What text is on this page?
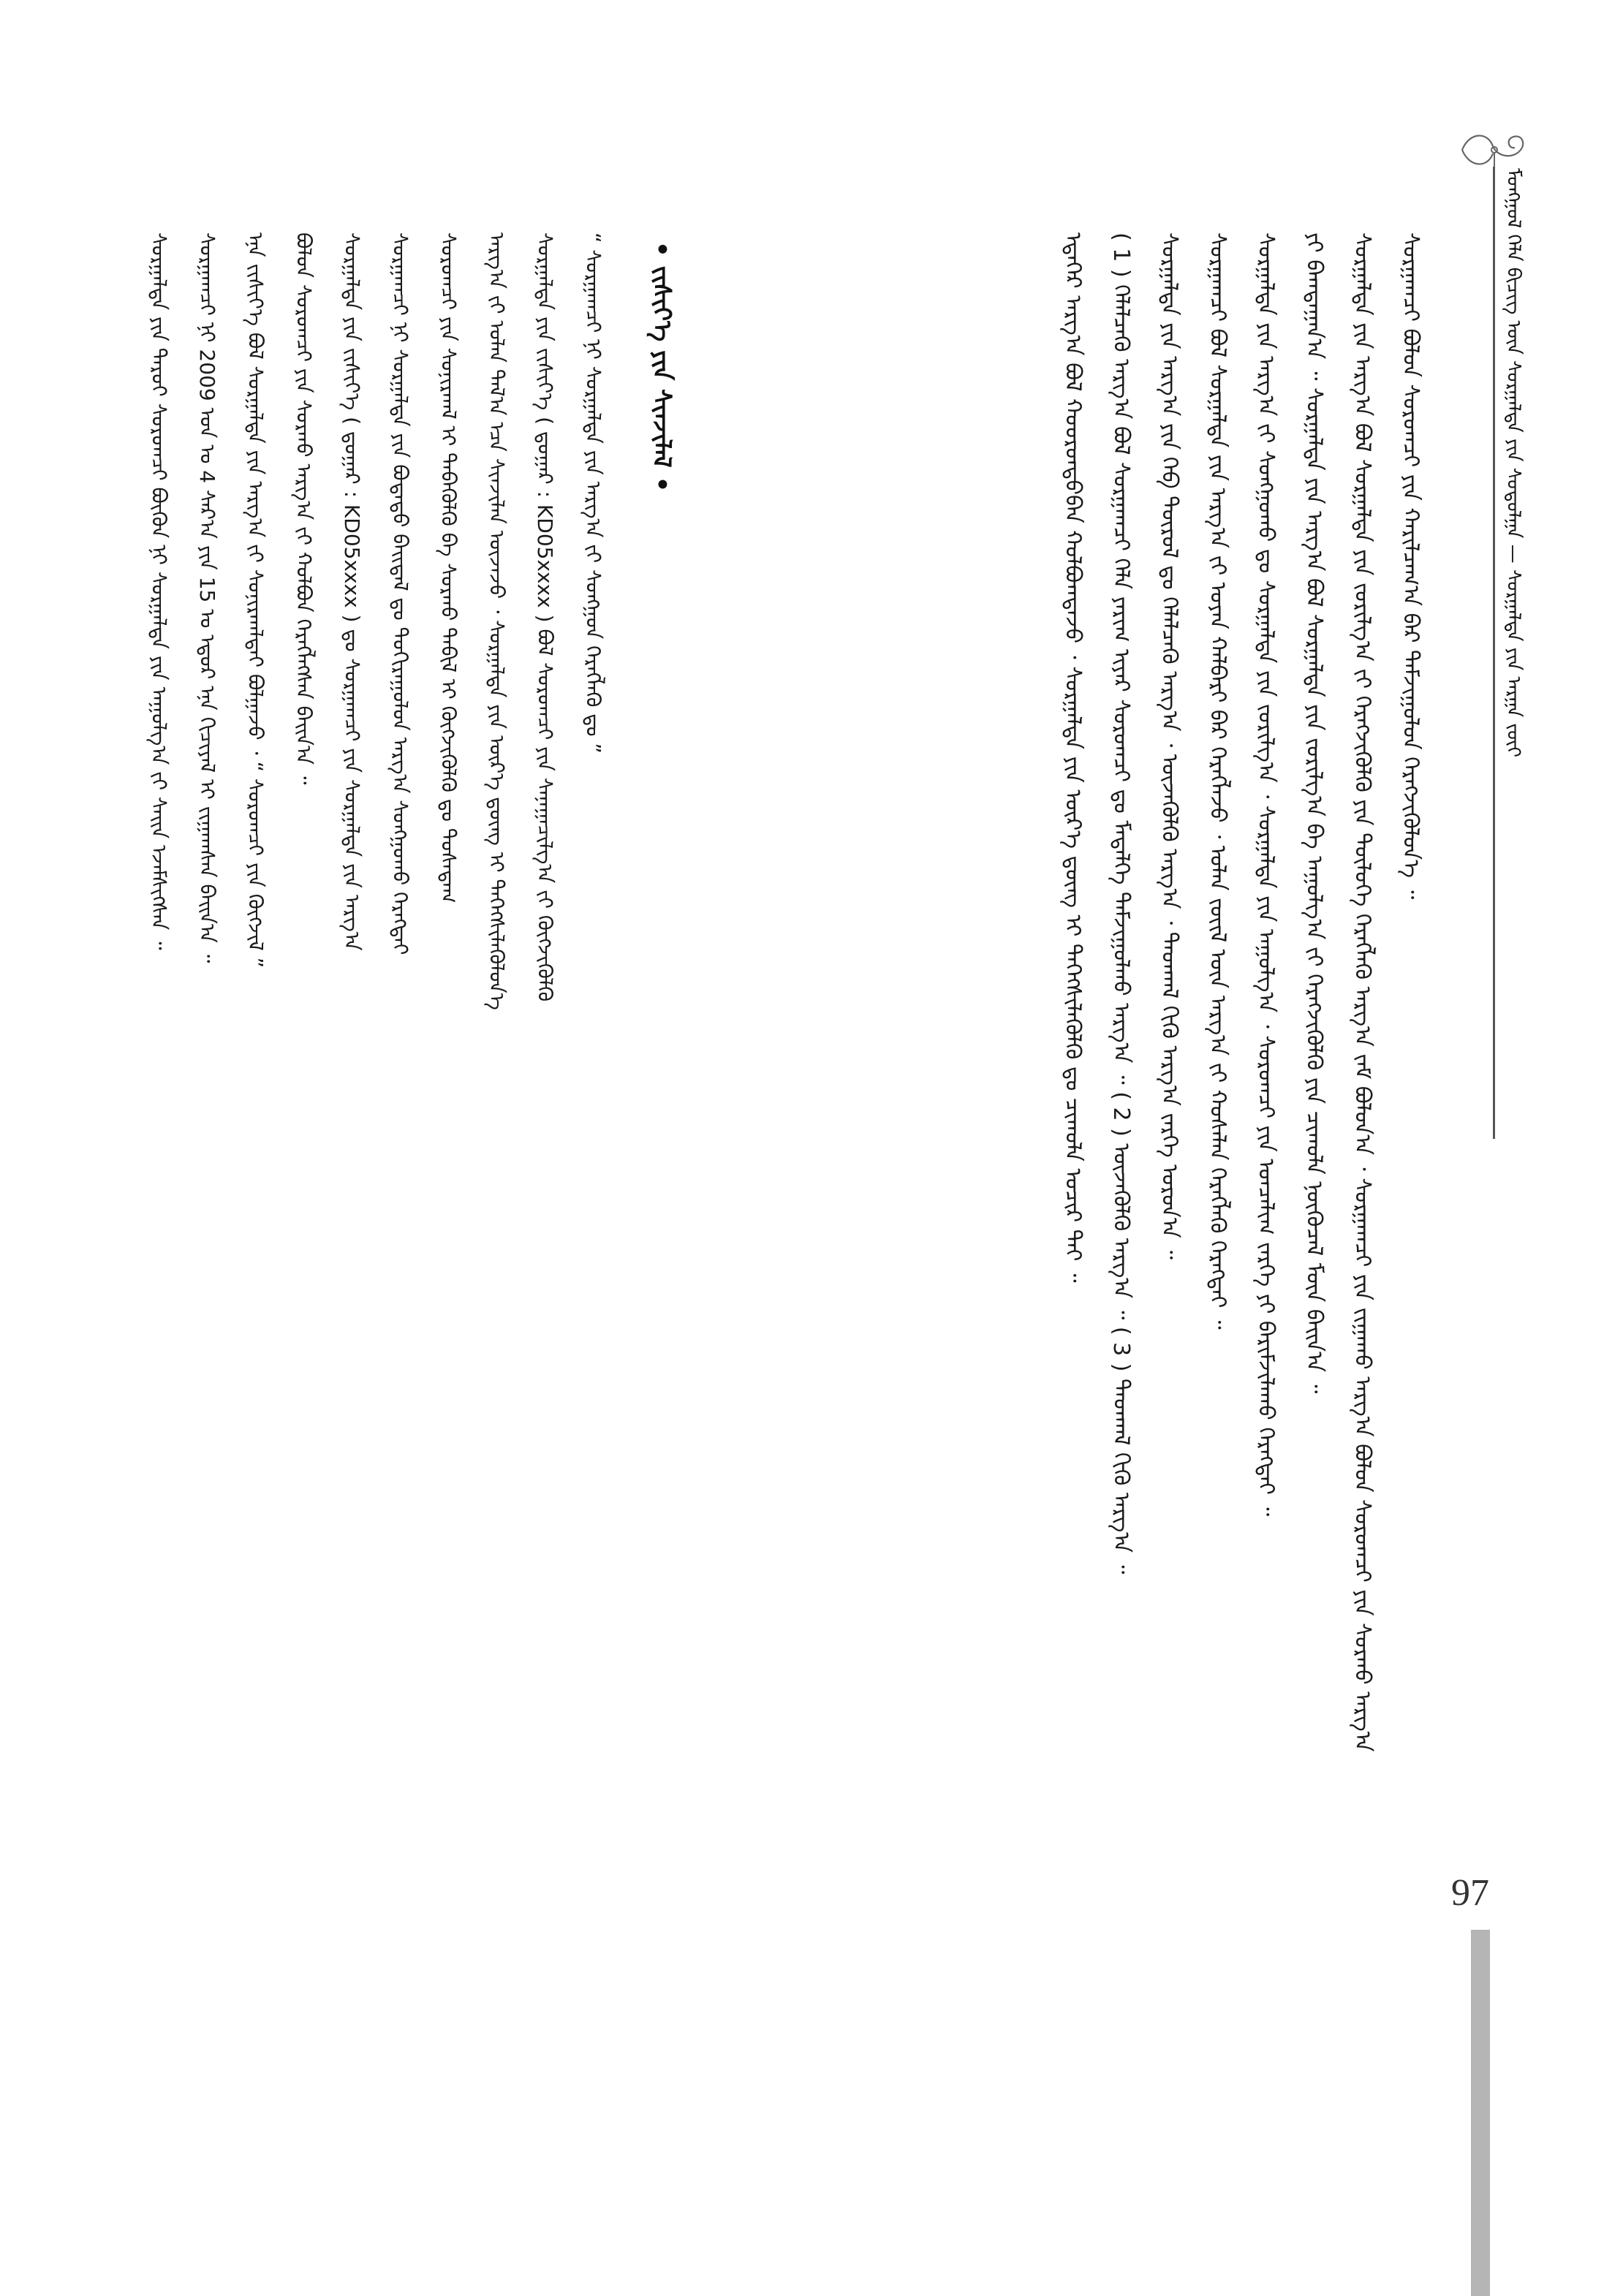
ᠮᠣᠩᠭᠣᠯ ᠬᠡᠯᠡ ᠪᠢᠴᠢᠭ᠌ ᠦᠨ ᠰᠤᠷᠭᠠᠯᠲᠠ ᠶᠢᠨ ᠰᠣᠳᠤᠯᠭᠠ — ᠰᠤᠷᠭᠠᠯᠲᠠ ᠶᠢᠨ ᠠᠷᠭᠠ ᠵᠦᠢ
ᠰᠤᠷᠭᠠᠭᠴᠢ ᠪᠣᠯᠤᠨ ᠰᠤᠷᠤᠭᠴᠢ ᠶᠢᠨ ᠬᠠᠷᠢᠯᠴᠠᠭ᠎ᠠ ᠪᠠᠷ ᠳᠠᠮᠵᠢᠭᠤᠯᠤᠨ ᠬᠡᠷᠡᠭᠵᠢᠬᠦᠯᠦᠨ᠎ᠡ ᠃
ᠰᠤᠷᠭᠠᠯᠲᠠ ᠶᠢᠨ ᠠᠷᠭ᠎ᠠ ᠪᠣᠯ ᠰᠤᠷᠭᠠᠯᠲᠠ ᠶᠢᠨ ᠵᠣᠷᠢᠯᠭ᠎ᠠ ᠵᠢ ᠬᠡᠷᠡᠭᠵᠢᠭᠦᠯᠬᠦ ᠶᠢᠨ ᠲᠥᠯᠥᠭᠡ ᠬᠡᠷᠡᠭᠯᠡᠬᠦ ᠠᠷᠭ᠎ᠠ ᠵᠠᠮ ᠪᠣᠯᠤᠨ᠎ᠠ ᠂ ᠰᠤᠷᠭᠠᠭᠴᠢ ᠶᠢᠨ ᠵᠢᠭᠠᠬᠤ ᠠᠷᠭ᠎ᠠ ᠪᠣᠯᠤᠨ ᠰᠤᠷᠤᠭᠴᠢ ᠶᠢᠨ ᠰᠤᠷᠬᠤ ᠠᠷᠭ᠎ᠠ
ᠶᠢ ᠪᠠᠭᠲᠠᠭᠠᠨ᠎ᠠ ᠃ ᠰᠤᠷᠭᠠᠯᠲᠠ ᠶᠢᠨ ᠠᠷᠭ᠎ᠠ ᠪᠣᠯ ᠰᠤᠷᠭᠠᠯᠲᠠ ᠶᠢᠨ ᠵᠣᠷᠢᠯᠭ᠎ᠠ ᠪᠠ ᠠᠭᠤᠯᠭ᠎ᠠ ᠵᠢ ᠬᠡᠷᠡᠭᠵᠢᠭᠦᠯᠬᠦ ᠶᠢᠨ ᠴᠢᠬᠤᠯᠠ ᠨᠥᠬᠦᠴᠡᠯ ᠮᠥᠨ ᠪᠠᠢᠨ᠎ᠠ ᠃
ᠰᠤᠷᠭᠠᠯᠲᠠ ᠶᠢᠨ ᠠᠷᠭ᠎ᠠ ᠵᠢ ᠰᠣᠩᠭᠣᠬᠤ ᠳᠤ ᠰᠤᠷᠭᠠᠯᠲᠠ ᠶᠢᠨ ᠵᠣᠷᠢᠯᠭ᠎ᠠ ᠂ ᠰᠤᠷᠭᠠᠯᠲᠠ ᠶᠢᠨ ᠠᠭᠤᠯᠭ᠎ᠠ ᠂ ᠰᠤᠷᠤᠭᠴᠢ ᠶᠢᠨ ᠣᠨᠴᠠᠯᠢᠭ ᠵᠡᠷᠭᠡ ᠶᠢ ᠪᠠᠷᠢᠮᠵᠢᠯᠠᠬᠤ ᠬᠡᠷᠡᠭᠲᠡᠢ ᠃
ᠰᠤᠷᠭᠠᠭᠴᠢ ᠪᠣᠯ ᠰᠤᠷᠭᠠᠯᠲᠠ ᠶᠢᠨ ᠠᠷᠭ᠎ᠠ ᠵᠢ ᠤᠶᠠᠨ ᠬᠠᠯᠪᠠᠷᠢ ᠪᠠᠷ ᠬᠡᠷᠡᠭᠯᠡᠵᠦ ᠂ ᠣᠯᠠᠨ ᠵᠦᠢᠯ ᠦᠨ ᠠᠷᠭ᠎ᠠ ᠵᠢ ᠬᠣᠰᠠᠯᠠᠨ ᠬᠡᠷᠡᠭᠯᠡᠬᠦ ᠬᠡᠷᠡᠭᠲᠡᠢ ᠃
ᠰᠤᠷᠭᠠᠯᠲᠠ ᠶᠢᠨ ᠠᠷᠭ᠎ᠠ ᠶᠢᠨ ᠬᠡᠪ ᠲᠥᠷᠥᠯ ᠳᠤ ᠬᠡᠯᠡᠯᠴᠡᠬᠦ ᠠᠷᠭ᠎ᠠ ᠂ ᠦᠵᠡᠭᠦᠯᠬᠦ ᠠᠷᠭ᠎ᠠ ᠂ ᠳᠠᠳᠬᠠᠯ ᠬᠢᠬᠦ ᠠᠷᠭ᠎ᠠ ᠵᠡᠷᠭᠡ ᠣᠷᠣᠨ᠎ᠠ ᠃
( 1 ) ᠬᠡᠯᠡᠯᠴᠡᠬᠦ ᠠᠷᠭ᠎ᠠ ᠪᠣᠯ ᠰᠤᠷᠭᠠᠭᠴᠢ ᠬᠡᠯᠡ ᠶᠠᠷᠢᠭ ᠢᠶᠠᠷ ᠰᠤᠷᠤᠭᠴᠢ ᠳᠤ ᠮᠡᠳᠡᠯᠭᠡ ᠳᠠᠮᠵᠢᠭᠤᠯᠬᠤ ᠠᠷᠭ᠎ᠠ ᠃ ( 2 ) ᠦᠵᠡᠭᠦᠯᠬᠦ ᠠᠷᠭ᠎ᠠ ᠃ ( 3 ) ᠳᠠᠳᠬᠠᠯ ᠬᠢᠬᠦ ᠠᠷᠭ᠎ᠠ ᠃
ᠡᠳᠡᠭᠡᠷ ᠠᠷᠭ᠎ᠠ ᠪᠣᠯ ᠬᠣᠣᠷᠣᠨᠳᠣ᠎ᠪᠠᠨ ᠬᠣᠯᠪᠣᠭᠳᠠᠵᠤ ᠂ ᠰᠤᠷᠭᠠᠯᠲᠠ ᠶᠢᠨ ᠦᠷ᠎ᠡ ᠳ᠋ᠦᠩ ᠢ ᠳᠡᠭᠡᠭᠰᠢᠯᠡᠭᠦᠯᠬᠦ ᠳᠤ ᠴᠢᠬᠤᠯᠠ ᠤᠴᠢᠷ ᠲᠠᠢ ᠃
• ᠵᠢᠱᠢᠶ᠎ᠡ ᠶᠢᠨ ᠰᠢᠨᠵᠢᠯᠡᠯ •
“ ᠰᠤᠷᠭᠠᠭᠴᠢ ᠨᠢ ᠰᠤᠷᠭᠠᠯᠲᠠ ᠶᠢᠨ ᠠᠷᠭ᠎ᠠ ᠵᠢ ᠰᠣᠩᠭᠣᠨ ᠬᠡᠷᠡᠭᠯᠡᠬᠦ ᠳᠤ ”
ᠰᠤᠷᠭᠠᠯᠲᠠ ᠶᠢᠨ ᠵᠢᠱᠢᠶ᠎ᠡ ( ᠳ᠋ᠤᠭᠠᠷ : KD05xxxx ) ᠪᠣᠯ ᠰᠤᠷᠤᠭᠴᠢ ᠶᠢᠨ ᠰᠠᠨᠠᠭᠠᠴᠢᠯᠭ᠎ᠠ ᠵᠢ ᠬᠥᠭᠵᠢᠭᠦᠯᠬᠦ
ᠠᠷᠭ᠎ᠠ ᠵᠢ ᠣᠯᠠᠨ ᠲᠠᠯ᠎ᠠ ᠡᠴᠡ ᠰᠢᠨᠵᠢᠯᠡᠨ ᠦᠵᠡᠵᠦ ᠂ ᠰᠤᠷᠭᠠᠯᠲᠠ ᠶᠢᠨ ᠦᠷ᠎ᠡ ᠳ᠋ᠦᠩ ᠢ ᠳᠡᠭᠡᠭᠰᠢᠯᠡᠭᠦᠯᠦᠨ᠎ᠡ
ᠰᠤᠷᠤᠭᠴᠢ ᠶᠢᠨ ᠰᠣᠨᠢᠷᠬᠠᠯ ᠢ ᠳᠡᠪᠡᠭᠦᠯᠬᠦ ᠪᠠ ᠰᠤᠷᠬᠤ ᠲᠠᠪᠢᠯ ᠢ ᠬᠥᠭᠵᠢᠭᠦᠯᠬᠦ ᠳᠤ ᠲᠤᠰᠠᠳᠠᠭ
ᠰᠤᠷᠭᠠᠭᠴᠢ ᠨᠢ ᠰᠤᠷᠭᠠᠯᠲᠠ ᠶᠢᠨ ᠪᠣᠳᠠᠲᠤ ᠪᠠᠢᠳᠠᠯ ᠳᠤ ᠲᠣᠬᠢᠷᠠᠭᠤᠯᠤᠨ ᠠᠷᠭ᠎ᠠ ᠰᠣᠩᠭᠣᠬᠤ ᠬᠡᠷᠡᠭᠲᠡᠢ
ᠰᠤᠷᠭᠠᠯᠲᠠ ᠶᠢᠨ ᠵᠢᠱᠢᠶ᠎ᠡ ( ᠳ᠋ᠤᠭᠠᠷ : KD05xxxx ) ᠳᠤ ᠰᠤᠷᠭᠠᠭᠴᠢ ᠶᠢᠨ ᠰᠤᠷᠭᠠᠯᠲᠠ ᠶᠢᠨ ᠠᠷᠭ᠎ᠠ
ᠪᠣᠯᠤᠨ ᠰᠤᠷᠤᠭᠴᠢ ᠶᠢᠨ ᠰᠤᠷᠬᠤ ᠠᠷᠭ᠎ᠠ ᠵᠢ ᠬᠣᠯᠪᠣᠨ ᠬᠡᠷᠡᠭᠯᠡᠭᠰᠡᠨ ᠪᠠᠢᠨ᠎ᠠ ᠃
ᠡᠨᠡ ᠵᠢᠱᠢᠶ᠎ᠡ ᠪᠣᠯ ᠰᠤᠷᠭᠠᠯᠲᠠ ᠶᠢᠨ ᠠᠷᠭ᠎ᠠ ᠵᠢ ᠰᠣᠨᠢᠷᠬᠠᠯᠲᠠᠢ ᠪᠣᠯᠭᠠᠵᠤ ᠂ “ ᠰᠤᠷᠤᠭᠴᠢ ᠶᠢᠨ ᠬᠥᠭᠵᠢᠯ ”
ᠰᠤᠷᠭᠠᠭᠴᠢ ᠨᠢ 2009 ᠣᠨ ᠤ 4 ᠰᠠᠷ᠎ᠠ ᠶᠢᠨ 15 ᠤ ᠡᠳᠦᠷ ᠡᠨᠡ ᠬᠢᠴᠢᠶᠡᠯ ᠢ ᠵᠢᠭᠠᠭᠰᠠᠨ ᠪᠠᠢᠨ᠎ᠠ ᠃
ᠰᠤᠷᠭᠠᠯᠲᠠ ᠶᠢᠨ ᠳᠠᠷᠤᠢ ᠰᠤᠷᠤᠭᠴᠢ ᠪᠦᠬᠦᠨ ᠨᠢ ᠰᠤᠷᠭᠠᠯᠲᠠ ᠶᠢᠨ ᠠᠭᠤᠯᠭ᠎ᠠ ᠵᠢ ᠰᠠᠢᠨ ᠡᠵᠡᠮᠰᠢᠭᠰᠡᠨ ᠃
97
